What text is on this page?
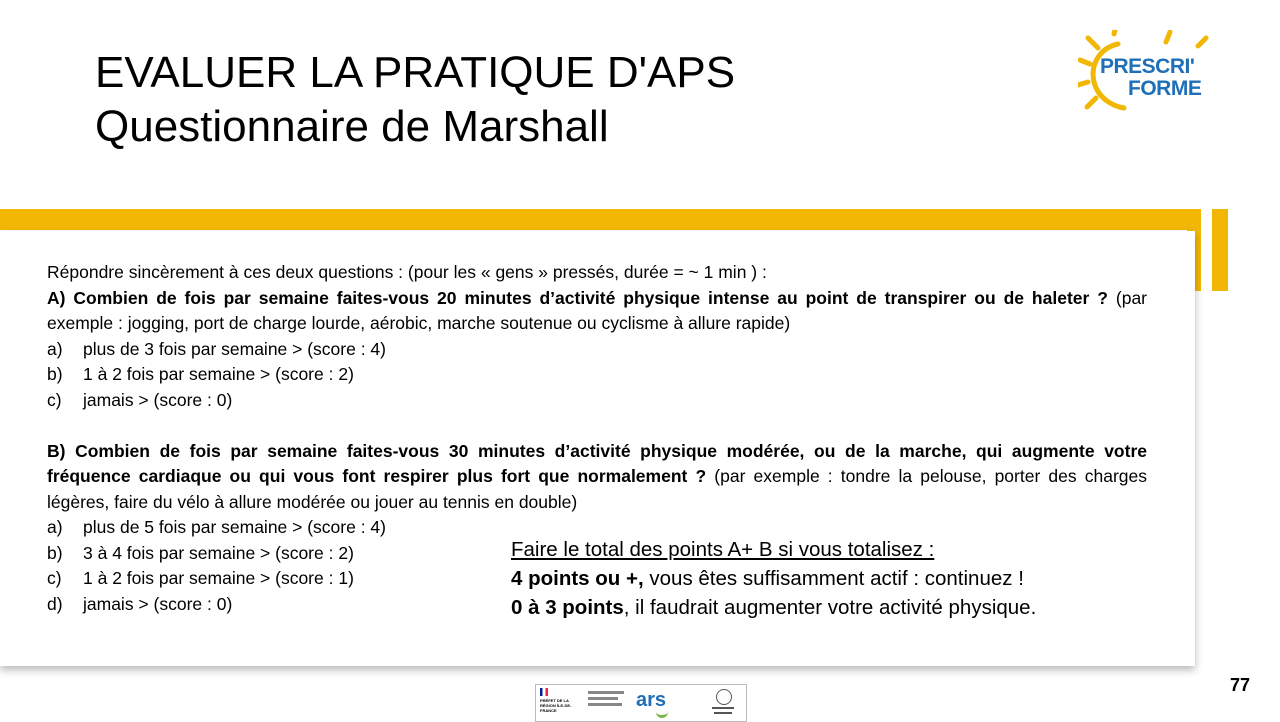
EVALUER LA PRATIQUE D'APS
Questionnaire de Marshall
PRESCRI'
FORME

Répondre sincèrement à ces deux questions : (pour les « gens » pressés, durée = ~ 1 min ) :

A) Combien de fois par semaine faites-vous 20 minutes d’activité physique intense au point de transpirer ou de haleter ? (par exemple : jogging, port de charge lourde, aérobic, marche soutenue ou cyclisme à allure rapide)

a)	plus de 3 fois par semaine > (score : 4)
b)	1 à 2 fois par semaine > (score : 2)
c)	jamais > (score : 0)

B) Combien de fois par semaine faites-vous 30 minutes d’activité physique modérée, ou de la marche, qui augmente votre fréquence cardiaque ou qui vous font respirer plus fort que normalement ? (par exemple : tondre la pelouse, porter des charges légères, faire du vélo à allure modérée ou jouer au tennis en double)

a)	plus de 5 fois par semaine > (score : 4)
b)	3 à 4 fois par semaine > (score : 2)
c)	1 à 2 fois par semaine > (score : 1)
d)	jamais > (score : 0)

Faire le total des points A+ B si vous totalisez :

4 points ou +, vous êtes suffisamment actif : continuez !

0 à 3 points, il faudrait augmenter votre activité physique.

77
PRÉFET DE LA RÉGION ÎLE-DE-FRANCE	ars
